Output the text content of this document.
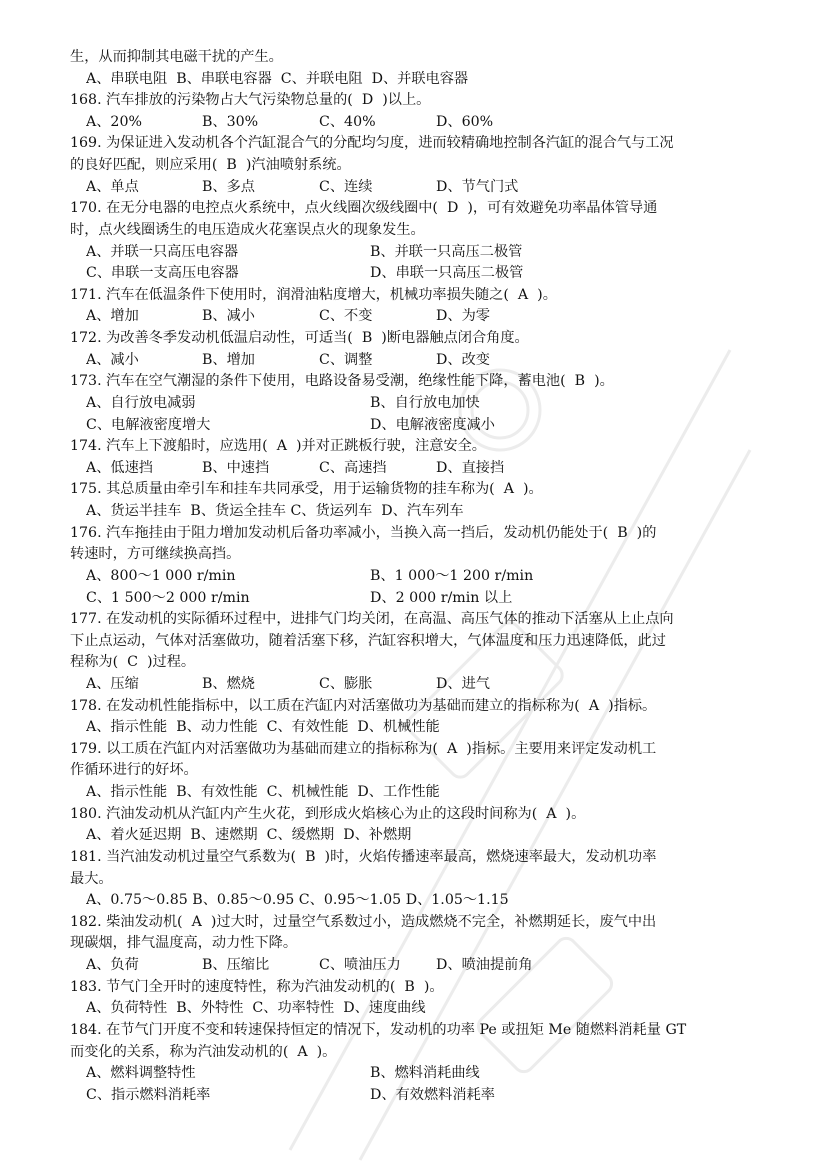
生，从而抑制其电磁干扰的产生。
A、串联电阻  B、串联电容器  C、并联电阻  D、并联电容器
168. 汽车排放的污染物占大气污染物总量的(  D  )以上。
A、20%	B、30%	C、40%	D、60%
169. 为保证进入发动机各个汽缸混合气的分配均匀度，进而较精确地控制各汽缸的混合气与工况
的良好匹配，则应采用(  B  )汽油喷射系统。
A、单点	B、多点	C、连续	D、节气门式
170. 在无分电器的电控点火系统中，点火线圈次级线圈中(  D  )，可有效避免功率晶体管导通
时，点火线圈诱生的电压造成火花塞误点火的现象发生。
A、并联一只高压电容器	B、并联一只高压二极管
C、串联一支高压电容器	D、串联一只高压二极管
171. 汽车在低温条件下使用时，润滑油粘度增大，机械功率损失随之(  A  )。
A、增加	B、减小	C、不变	D、为零
172. 为改善冬季发动机低温启动性，可适当(  B  )断电器触点闭合角度。
A、减小	B、增加	C、调整	D、改变
173. 汽车在空气潮湿的条件下使用，电路设备易受潮，绝缘性能下降，蓄电池(  B  )。
A、自行放电减弱	B、自行放电加快
C、电解液密度增大	D、电解液密度减小
174. 汽车上下渡船时，应选用(  A  )并对正跳板行驶，注意安全。
A、低速挡	B、中速挡	C、高速挡	D、直接挡
175. 其总质量由牵引车和挂车共同承受，用于运输货物的挂车称为(  A  )。
A、货运半挂车  B、货运全挂车 C、货运列车  D、汽车列车
176. 汽车拖挂由于阻力增加发动机后备功率减小，当换入高一挡后，发动机仍能处于(  B  )的
转速时，方可继续换高挡。
A、800～1 000 r/min	B、1 000～1 200 r/min
C、1 500～2 000 r/min	D、2 000 r/min 以上
177. 在发动机的实际循环过程中，进排气门均关闭，在高温、高压气体的推动下活塞从上止点向
下止点运动，气体对活塞做功，随着活塞下移，汽缸容积增大，气体温度和压力迅速降低，此过
程称为(  C  )过程。
A、压缩	B、燃烧	C、膨胀	D、进气
178. 在发动机性能指标中，以工质在汽缸内对活塞做功为基础而建立的指标称为(  A  )指标。
A、指示性能  B、动力性能  C、有效性能  D、机械性能
179. 以工质在汽缸内对活塞做功为基础而建立的指标称为(  A  )指标。主要用来评定发动机工
作循环进行的好坏。
A、指示性能  B、有效性能  C、机械性能  D、工作性能
180. 汽油发动机从汽缸内产生火花，到形成火焰核心为止的这段时间称为(  A  )。
A、着火延迟期  B、速燃期  C、缓燃期  D、补燃期
181. 当汽油发动机过量空气系数为(  B  )时，火焰传播速率最高，燃烧速率最大，发动机功率
最大。
A、0.75～0.85 B、0.85～0.95 C、0.95～1.05 D、1.05～1.15
182. 柴油发动机(  A  )过大时，过量空气系数过小，造成燃烧不完全，补燃期延长，废气中出
现碳烟，排气温度高，动力性下降。
A、负荷	B、压缩比	C、喷油压力 D、喷油提前角
183. 节气门全开时的速度特性，称为汽油发动机的(  B  )。
A、负荷特性  B、外特性  C、功率特性  D、速度曲线
184. 在节气门开度不变和转速保持恒定的情况下，发动机的功率 Pe 或扭矩 Me 随燃料消耗量 GT
而变化的关系，称为汽油发动机的(  A  )。
A、燃料调整特性	B、燃料消耗曲线
C、指示燃料消耗率	D、有效燃料消耗率
